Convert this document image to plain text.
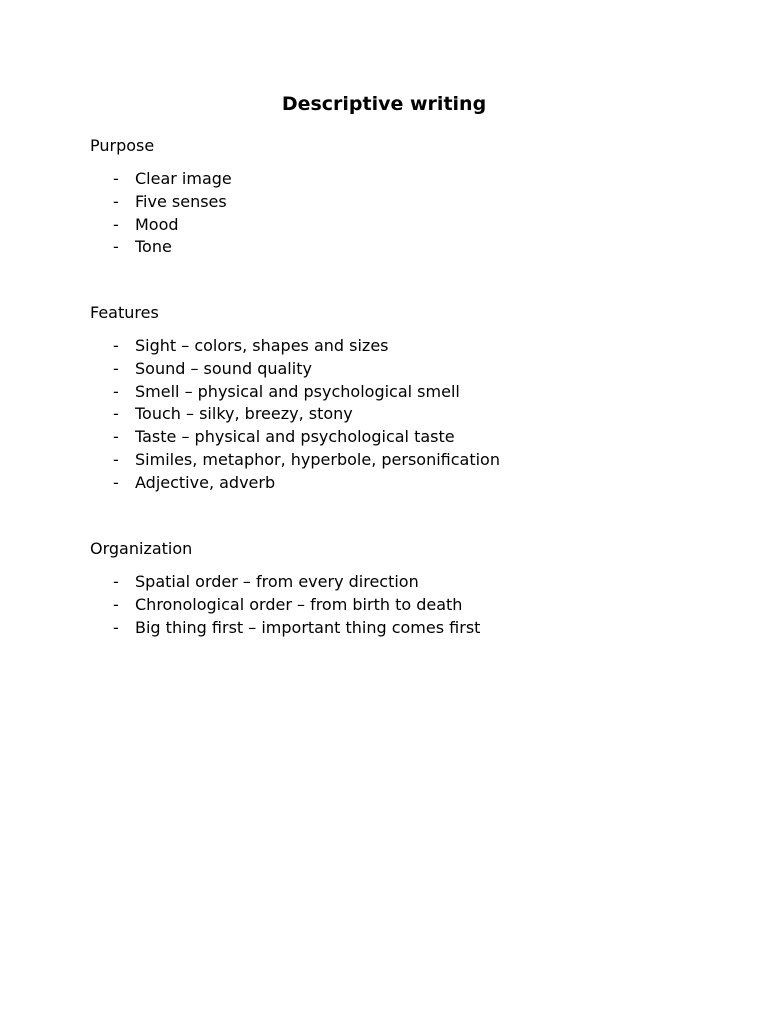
Descriptive writing
Purpose
- Clear image
- Five senses
- Mood
- Tone
Features
- Sight – colors, shapes and sizes
- Sound – sound quality
- Smell – physical and psychological smell
- Touch – silky, breezy, stony
- Taste – physical and psychological taste
- Similes, metaphor, hyperbole, personification
- Adjective, adverb
Organization
- Spatial order – from every direction
- Chronological order – from birth to death
- Big thing first – important thing comes first
